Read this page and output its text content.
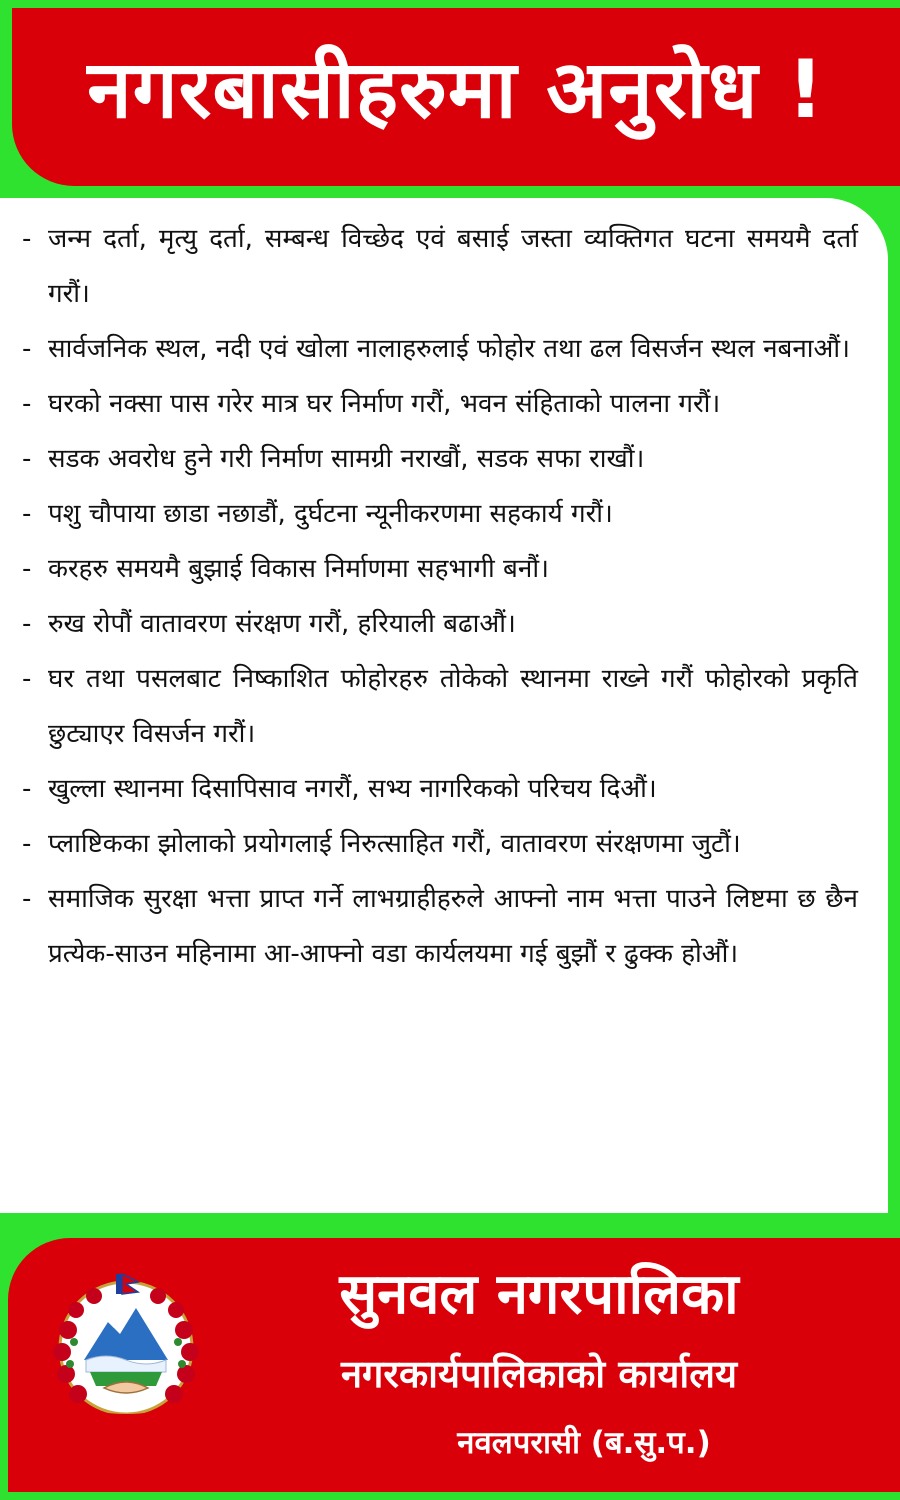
नगरबासीहरुमा अनुरोध !
- जन्म दर्ता, मृत्यु दर्ता, सम्बन्ध विच्छेद एवं बसाई जस्ता व्यक्तिगत घटना समयमै दर्ता गरौं।
- सार्वजनिक स्थल, नदी एवं खोला नालाहरुलाई फोहोर तथा ढल विसर्जन स्थल नबनाऔं।
- घरको नक्सा पास गरेर मात्र घर निर्माण गरौं, भवन संहिताको पालना गरौं।
- सडक अवरोध हुने गरी निर्माण सामग्री नराखौं, सडक सफा राखौं।
- पशु चौपाया छाडा नछाडौं, दुर्घटना न्यूनीकरणमा सहकार्य गरौं।
- करहरु समयमै बुझाई विकास निर्माणमा सहभागी बनौं।
- रुख रोपौं वातावरण संरक्षण गरौं, हरियाली बढाऔं।
- घर तथा पसलबाट निष्काशित फोहोरहरु तोकेको स्थानमा राख्ने गरौं फोहोरको प्रकृति छुट्याएर विसर्जन गरौं।
- खुल्ला स्थानमा दिसापिसाव नगरौं, सभ्य नागरिकको परिचय दिऔं।
- प्लाष्टिकका झोलाको प्रयोगलाई निरुत्साहित गरौं, वातावरण संरक्षणमा जुटौं।
- समाजिक सुरक्षा भत्ता प्राप्त गर्ने लाभग्राहीहरुले आफ्नो नाम भत्ता पाउने लिष्टमा छ छैन प्रत्येक-साउन महिनामा आ-आफ्नो वडा कार्यलयमा गई बुझौं र ढुक्क होऔं।
सुनवल नगरपालिका
नगरकार्यपालिकाको कार्यालय
नवलपरासी (ब.सु.प.)
